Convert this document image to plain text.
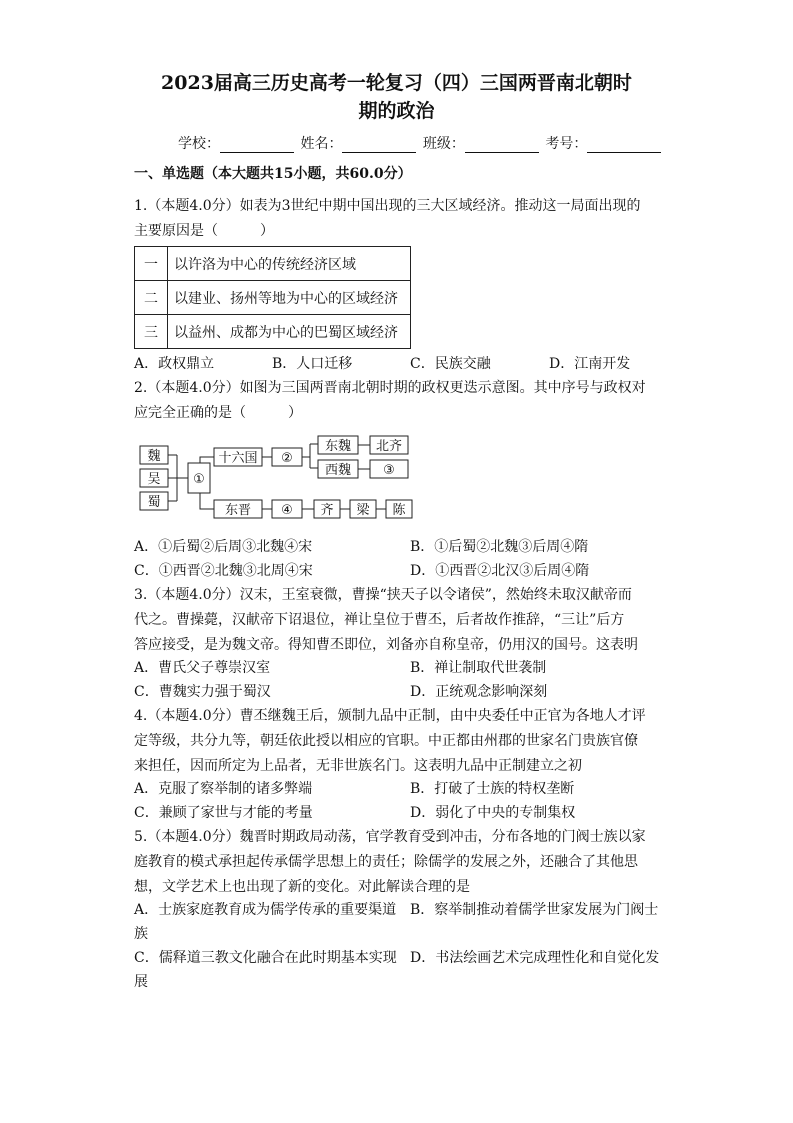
2023届高三历史高考一轮复习（四）三国两晋南北朝时
期的政治
学校：	姓名：	班级：	考号：
一、单选题（本大题共15小题，共60.0分）
1.（本题4.0分）如表为3世纪中期中国出现的三大区域经济。推动这一局面出现的
主要原因是（　　　）
一	以许洛为中心的传统经济区域
二	以建业、扬州等地为中心的区域经济
三	以益州、成都为中心的巴蜀区域经济
A．政权鼎立	B．人口迁移	C．民族交融	D．江南开发
2.（本题4.0分）如图为三国两晋南北朝时期的政权更迭示意图。其中序号与政权对
应完全正确的是（　　　）
魏
吴
蜀
①
十六国 ②
东魏 北齐
西魏 ③
东晋 ④ 齐 梁 陈
A．①后蜀②后周③北魏④宋	B．①后蜀②北魏③后周④隋
C．①西晋②北魏③北周④宋	D．①西晋②北汉③后周④隋
3.（本题4.0分）汉末，王室衰微，曹操“挟天子以令诸侯”，然始终未取汉献帝而
代之。曹操薨，汉献帝下诏退位，禅让皇位于曹丕，后者故作推辞，“三让”后方
答应接受，是为魏文帝。得知曹丕即位，刘备亦自称皇帝，仍用汉的国号。这表明
A．曹氏父子尊崇汉室	B．禅让制取代世袭制
C．曹魏实力强于蜀汉	D．正统观念影响深刻
4.（本题4.0分）曹丕继魏王后，颁制九品中正制，由中央委任中正官为各地人才评
定等级，共分九等，朝廷依此授以相应的官职。中正都由州郡的世家名门贵族官僚
来担任，因而所定为上品者，无非世族名门。这表明九品中正制建立之初
A．克服了察举制的诸多弊端	B．打破了士族的特权垄断
C．兼顾了家世与才能的考量	D．弱化了中央的专制集权
5.（本题4.0分）魏晋时期政局动荡，官学教育受到冲击，分布各地的门阀士族以家
庭教育的模式承担起传承儒学思想上的责任；除儒学的发展之外，还融合了其他思
想，文学艺术上也出现了新的变化。对此解读合理的是
A．士族家庭教育成为儒学传承的重要渠道 B．察举制推动着儒学世家发展为门阀士
族
C．儒释道三教文化融合在此时期基本实现 D．书法绘画艺术完成理性化和自觉化发
展
